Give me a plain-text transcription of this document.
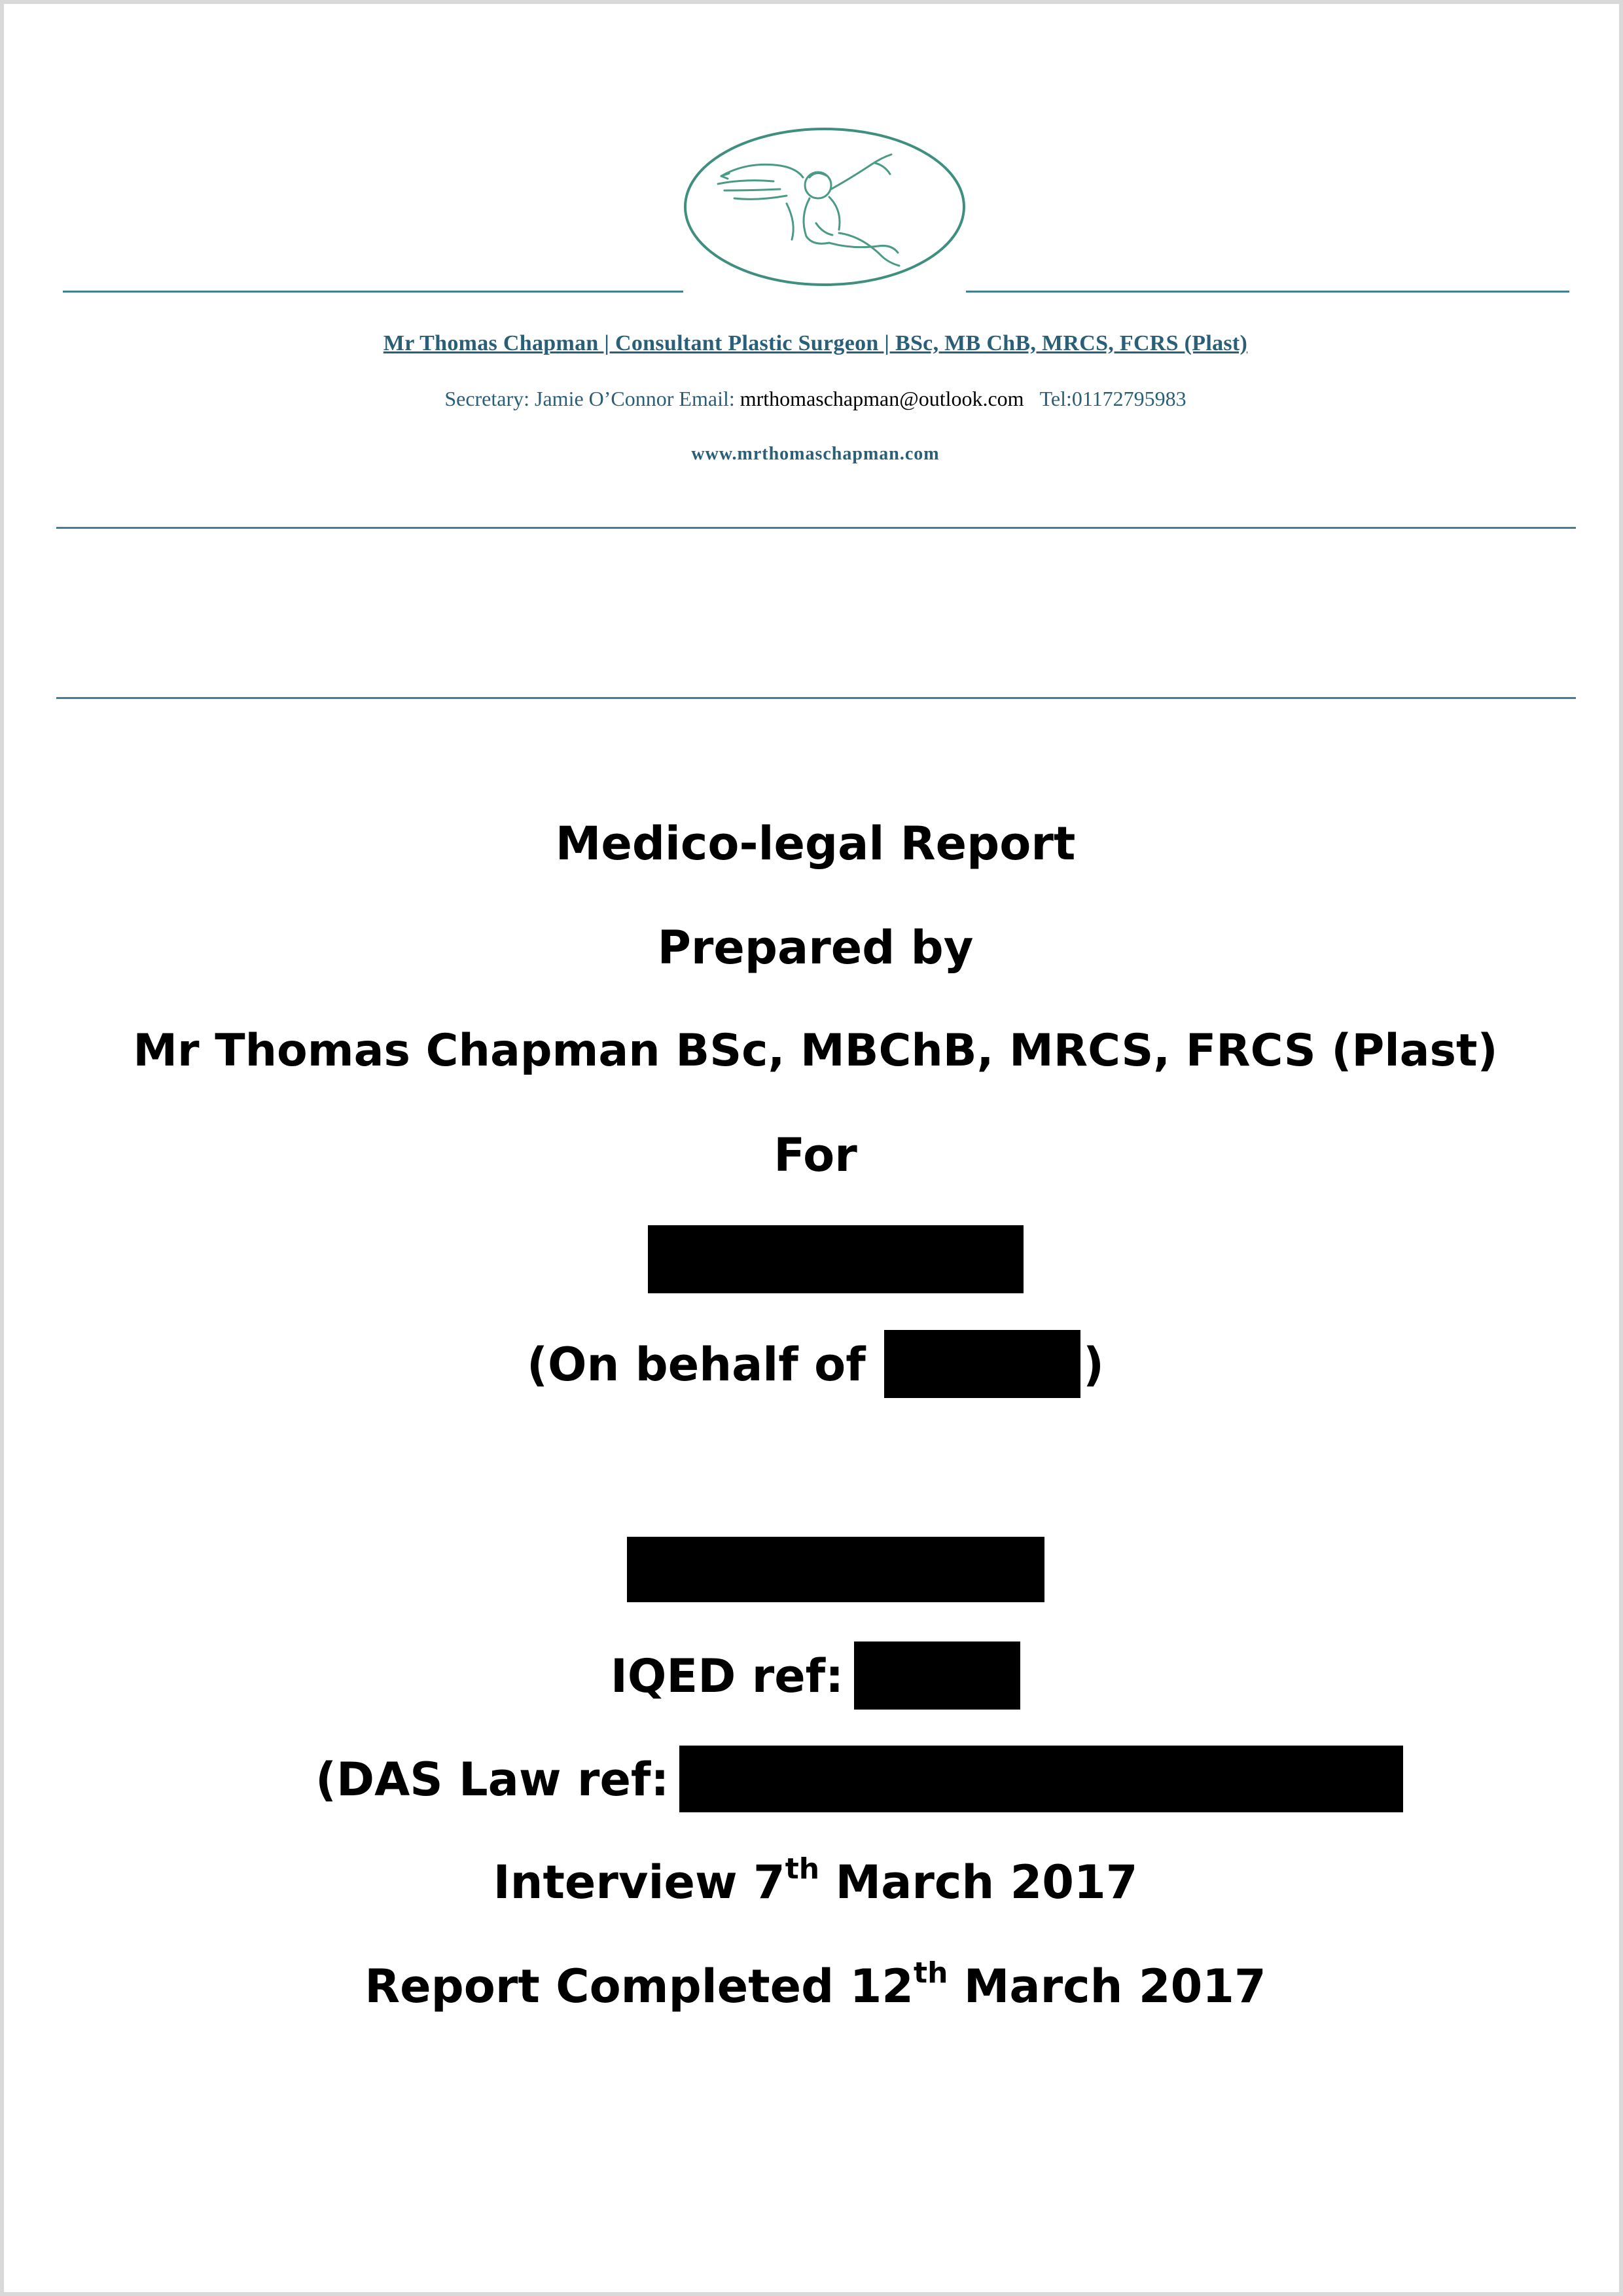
Mr Thomas Chapman | Consultant Plastic Surgeon | BSc, MB ChB, MRCS, FCRS (Plast)
Secretary: Jamie O’Connor Email: mrthomaschapman@outlook.com Tel:01172795983
www.mrthomaschapman.com
Medico-legal Report
Prepared by
Mr Thomas Chapman BSc, MBChB, MRCS, FRCS (Plast)
For
(On behalf of	)
IQED ref:
(DAS Law ref:
Interview 7th March 2017
Report Completed 12th March 2017
